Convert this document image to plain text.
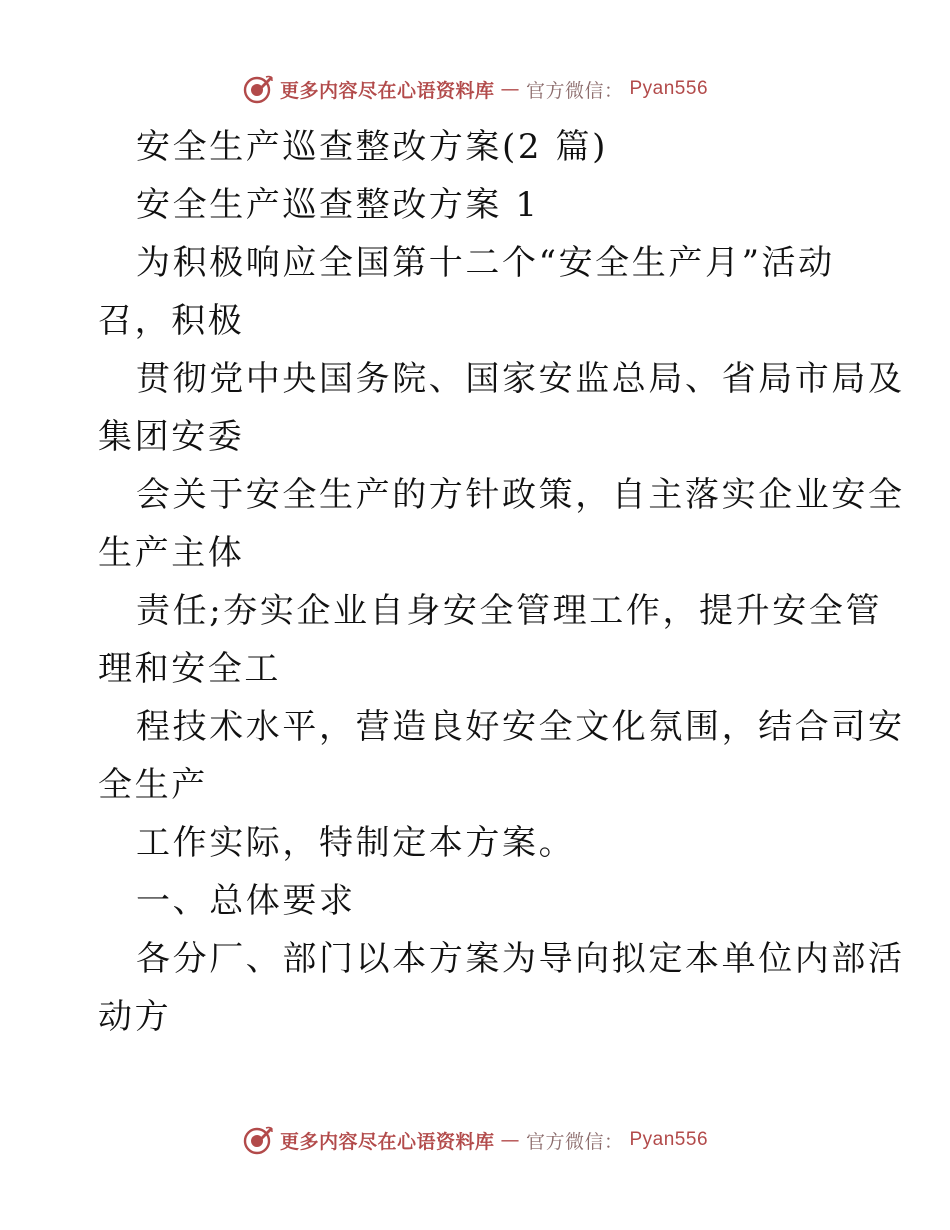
更多内容尽在心语资料库 — 官方微信： Pyan556
安全生产巡查整改方案(2 篇)
安全生产巡查整改方案 1
为积极响应全国第十二个“安全生产月”活动
召，积极
贯彻党中央国务院、国家安监总局、省局市局及
集团安委
会关于安全生产的方针政策，自主落实企业安全
生产主体
责任;夯实企业自身安全管理工作，提升安全管
理和安全工
程技术水平，营造良好安全文化氛围，结合司安
全生产
工作实际，特制定本方案。
一、总体要求
各分厂、部门以本方案为导向拟定本单位内部活
动方
更多内容尽在心语资料库 — 官方微信： Pyan556
